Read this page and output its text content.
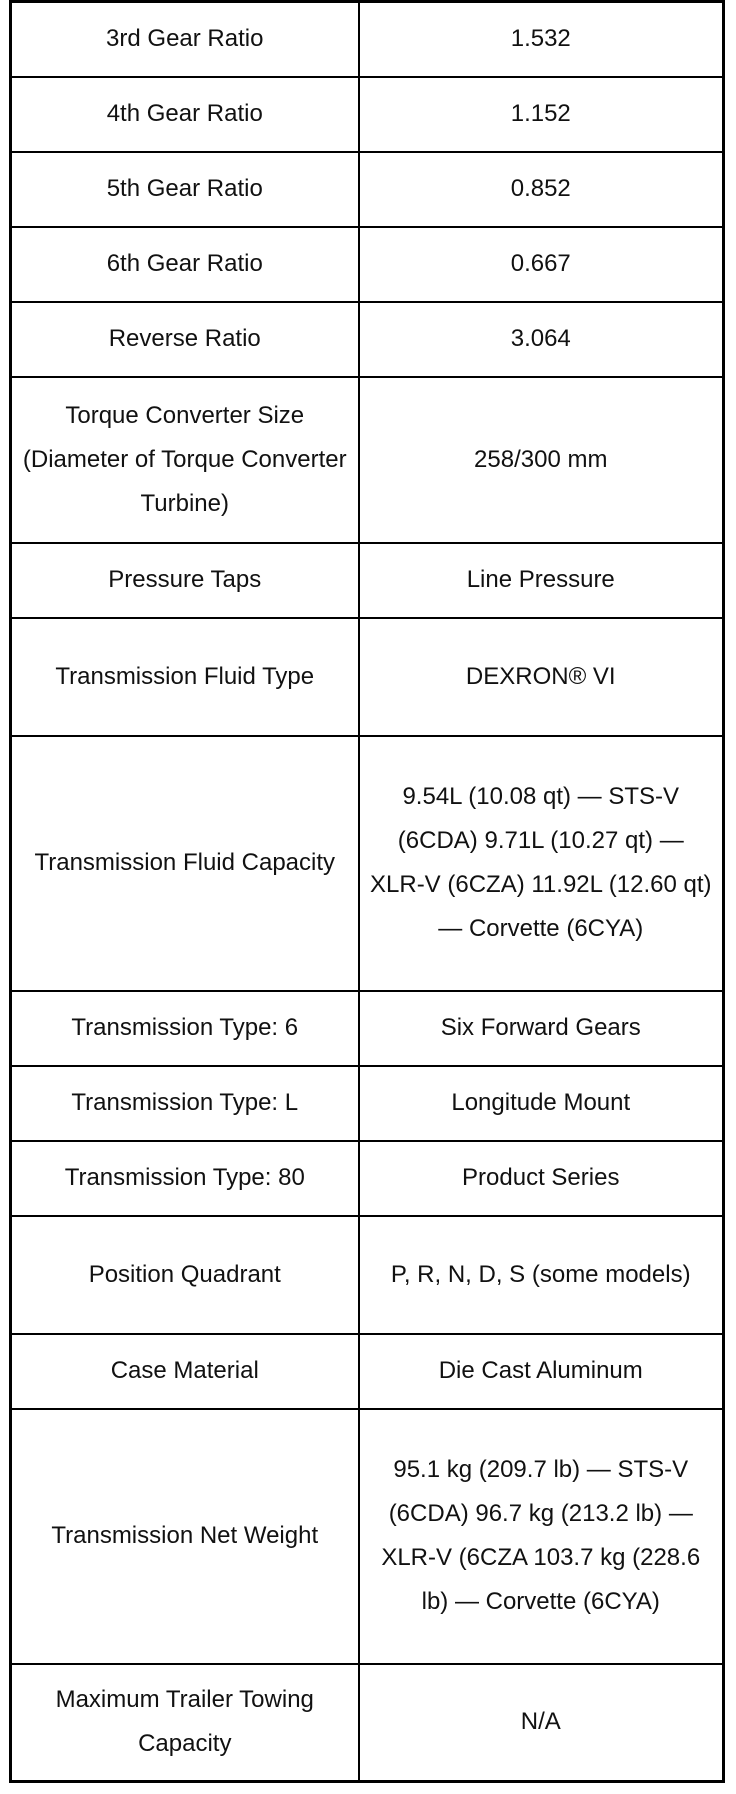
3rd Gear Ratio	1.532

4th Gear Ratio	1.152

5th Gear Ratio	0.852

6th Gear Ratio	0.667

Reverse Ratio	3.064

Torque Converter Size (Diameter of Torque Converter Turbine)	258/300 mm

Pressure Taps	Line Pressure

Transmission Fluid Type	DEXRON® VI

Transmission Fluid Capacity	9.54L (10.08 qt) — STS-V (6CDA) 9.71L (10.27 qt) — XLR-V (6CZA) 11.92L (12.60 qt) — Corvette (6CYA)

Transmission Type: 6	Six Forward Gears

Transmission Type: L	Longitude Mount

Transmission Type: 80	Product Series

Position Quadrant	P, R, N, D, S (some models)

Case Material	Die Cast Aluminum

Transmission Net Weight	95.1 kg (209.7 lb) — STS-V (6CDA) 96.7 kg (213.2 lb) — XLR-V (6CZA 103.7 kg (228.6 lb) — Corvette (6CYA)

Maximum Trailer Towing Capacity	N/A
